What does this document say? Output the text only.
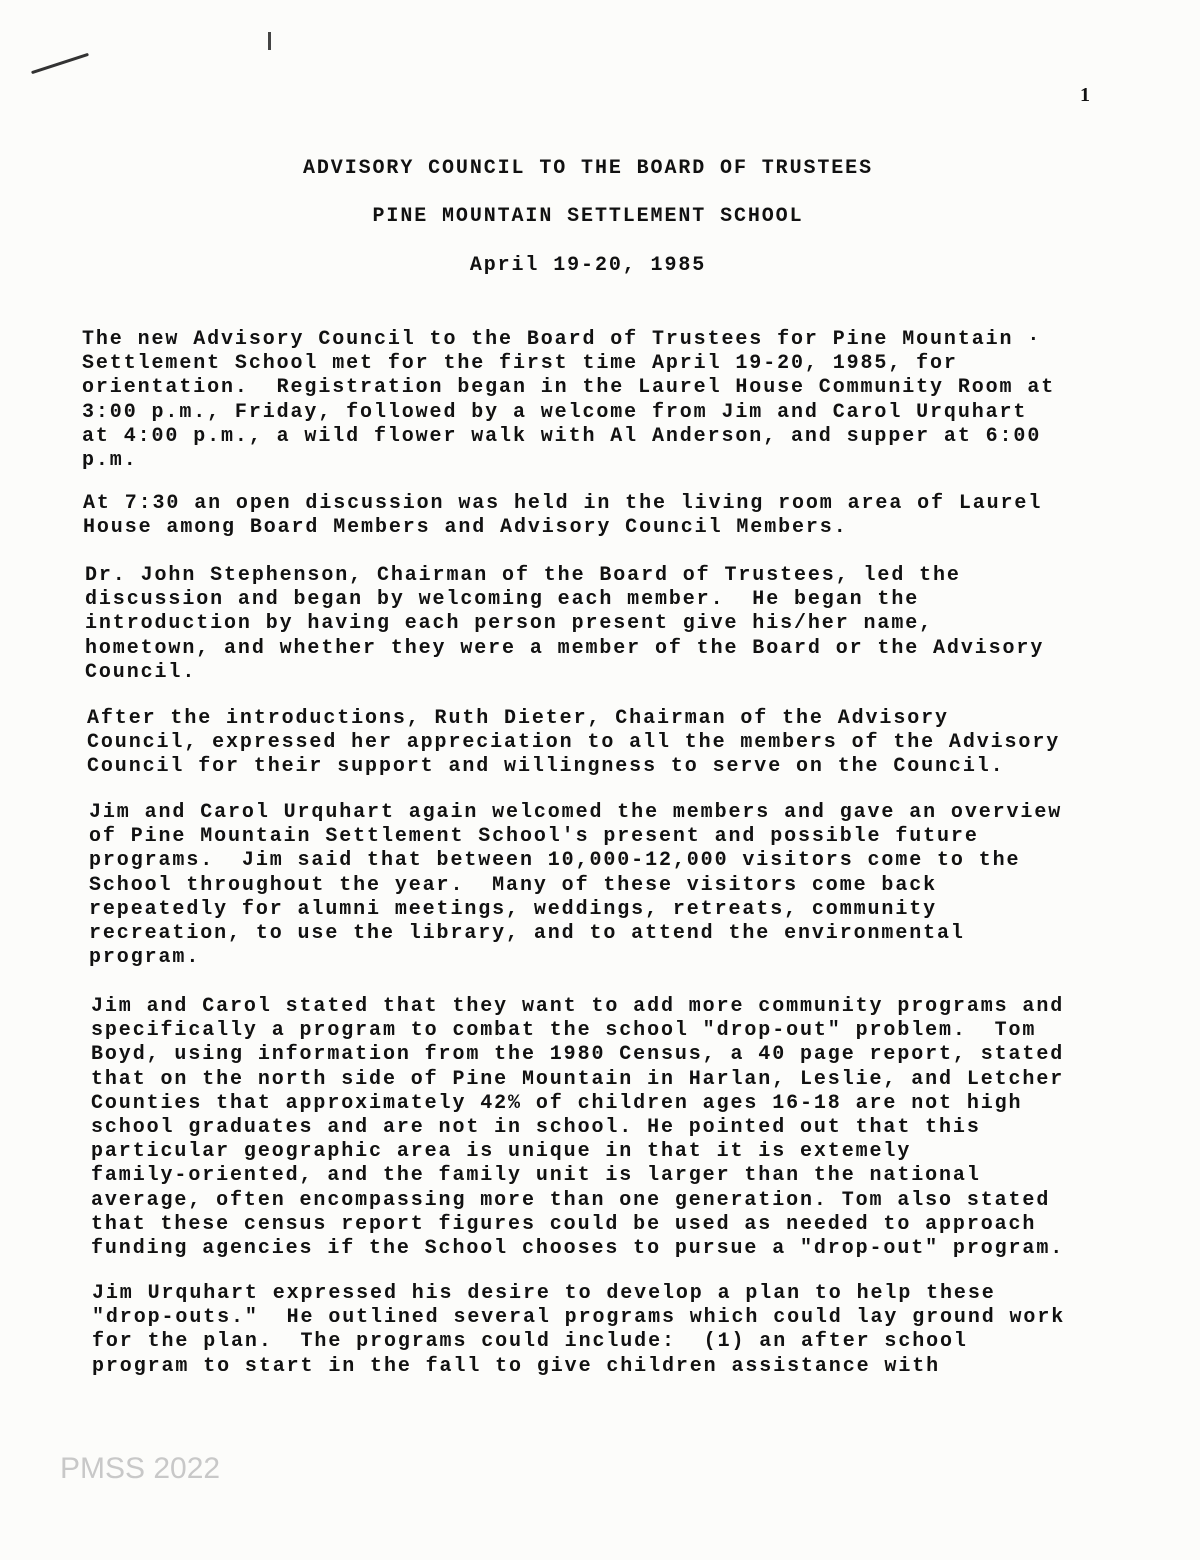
1
ADVISORY COUNCIL TO THE BOARD OF TRUSTEES
PINE MOUNTAIN SETTLEMENT SCHOOL
April 19-20, 1985
The new Advisory Council to the Board of Trustees for Pine Mountain ·
Settlement School met for the first time April 19-20, 1985, for
orientation.  Registration began in the Laurel House Community Room at
3:00 p.m., Friday, followed by a welcome from Jim and Carol Urquhart
at 4:00 p.m., a wild flower walk with Al Anderson, and supper at 6:00
p.m.
At 7:30 an open discussion was held in the living room area of Laurel
House among Board Members and Advisory Council Members.
Dr. John Stephenson, Chairman of the Board of Trustees, led the
discussion and began by welcoming each member.  He began the
introduction by having each person present give his/her name,
hometown, and whether they were a member of the Board or the Advisory
Council.
After the introductions, Ruth Dieter, Chairman of the Advisory
Council, expressed her appreciation to all the members of the Advisory
Council for their support and willingness to serve on the Council.
Jim and Carol Urquhart again welcomed the members and gave an overview
of Pine Mountain Settlement School's present and possible future
programs.  Jim said that between 10,000-12,000 visitors come to the
School throughout the year.  Many of these visitors come back
repeatedly for alumni meetings, weddings, retreats, community
recreation, to use the library, and to attend the environmental
program.
Jim and Carol stated that they want to add more community programs and
specifically a program to combat the school "drop-out" problem.  Tom
Boyd, using information from the 1980 Census, a 40 page report, stated
that on the north side of Pine Mountain in Harlan, Leslie, and Letcher
Counties that approximately 42% of children ages 16-18 are not high
school graduates and are not in school. He pointed out that this
particular geographic area is unique in that it is extemely
family-oriented, and the family unit is larger than the national
average, often encompassing more than one generation. Tom also stated
that these census report figures could be used as needed to approach
funding agencies if the School chooses to pursue a "drop-out" program.
Jim Urquhart expressed his desire to develop a plan to help these
"drop-outs."  He outlined several programs which could lay ground work
for the plan.  The programs could include:  (1) an after school
program to start in the fall to give children assistance with
PMSS 2022
